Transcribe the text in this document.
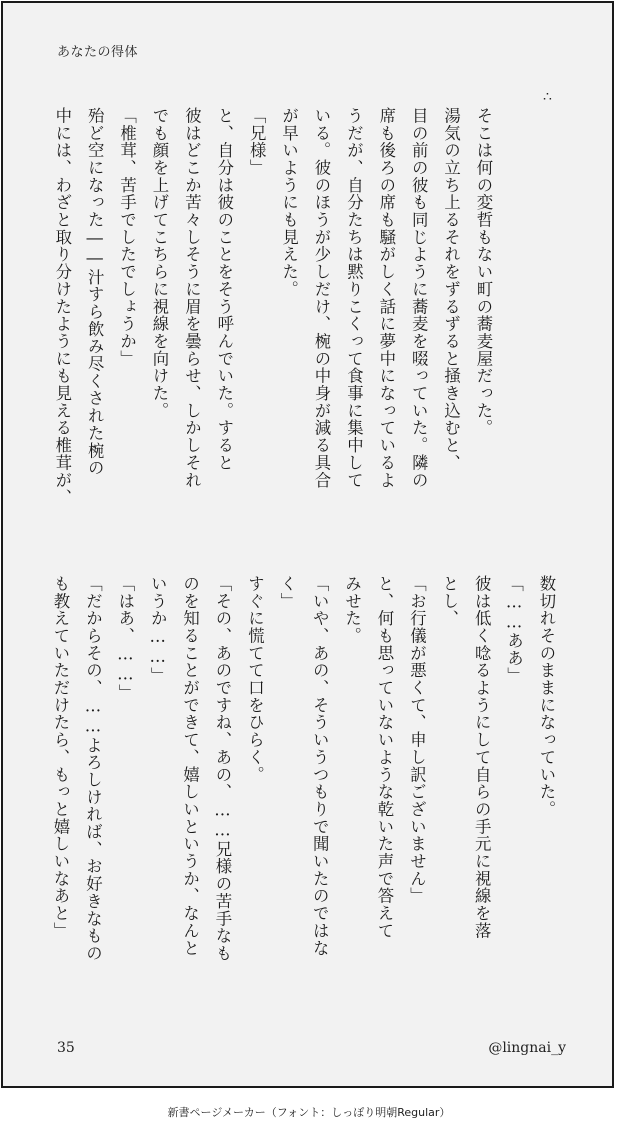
あなたの得体
∴
そこは何の変哲もない町の蕎麦屋だった。
湯気の立ち上るそれをずるずると掻き込むと、
目の前の彼も同じように蕎麦を啜っていた。隣の
席も後ろの席も騒がしく話に夢中になっているよ
うだが、自分たちは黙りこくって食事に集中して
いる。彼のほうが少しだけ、椀の中身が減る具合
が早いようにも見えた。
「兄様」
と、自分は彼のことをそう呼んでいた。すると
彼はどこか苦々しそうに眉を曇らせ、しかしそれ
でも顔を上げてこちらに視線を向けた。
「椎茸、苦手でしたでしょうか」
殆ど空になった――汁すら飲み尽くされた椀の
中には、わざと取り分けたようにも見える椎茸が、
数切れそのままになっていた。
「……ああ」
彼は低く唸るようにして自らの手元に視線を落
とし、
「お行儀が悪くて、申し訳ございません」
と、何も思っていないような乾いた声で答えて
みせた。
「いや、あの、そういうつもりで聞いたのではな
く」
すぐに慌てて口をひらく。
「その、あのですね、あの、……兄様の苦手なも
のを知ることができて、嬉しいというか、なんと
いうか……」
「はあ、……」
「だからその、……よろしければ、お好きなもの
も教えていただけたら、もっと嬉しいなあと」
35	@lingnai_y
新書ページメーカー（フォント：しっぽり明朝Regular）
